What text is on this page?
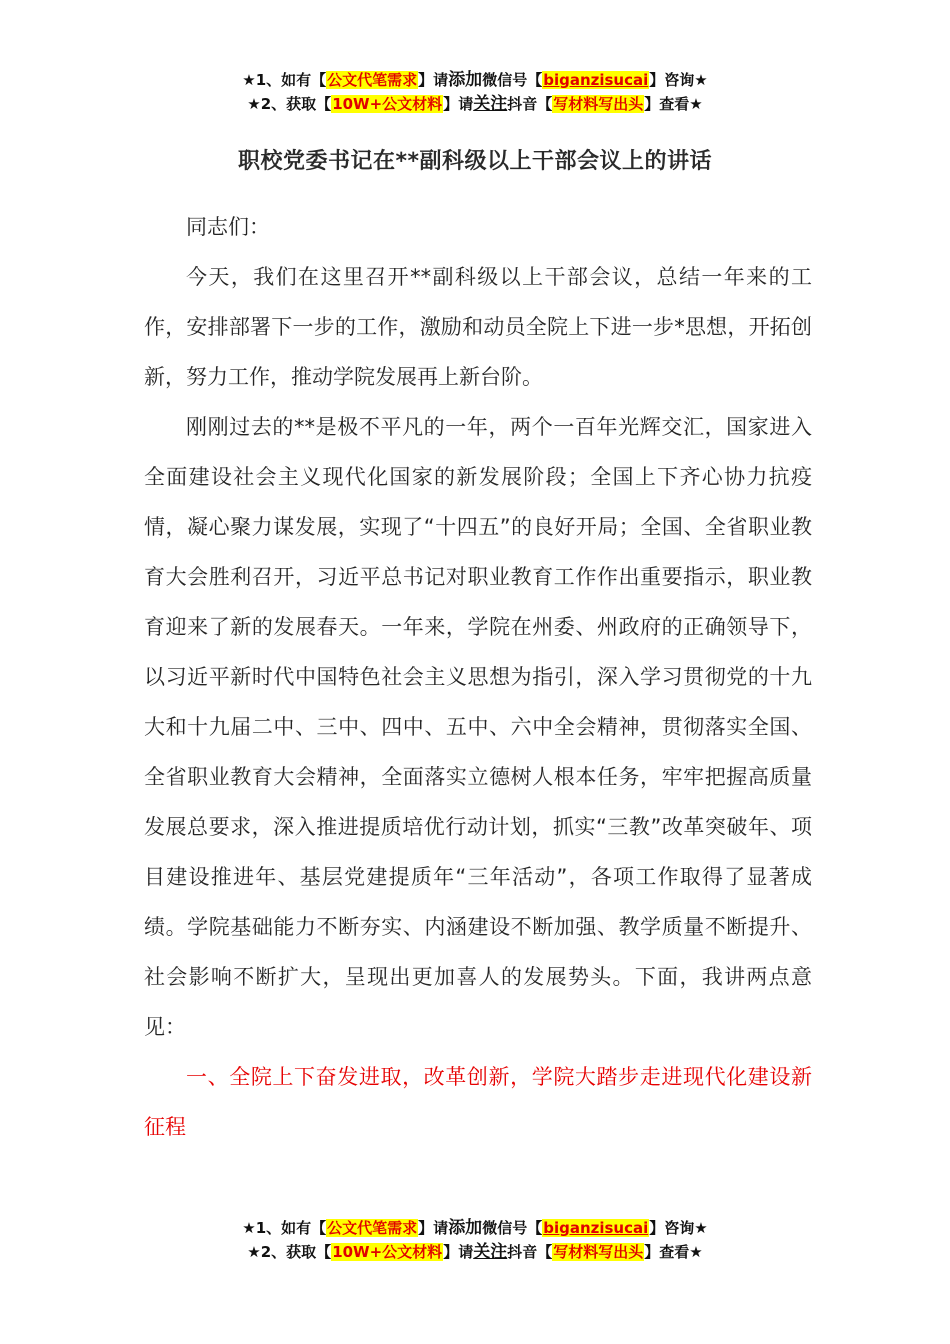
★1、如有【公文代笔需求】请添加微信号【biganzisucai】咨询★
★2、获取【10W+公文材料】请关注抖音【写材料写出头】查看★
职校党委书记在**副科级以上干部会议上的讲话

同志们：

今天，我们在这里召开**副科级以上干部会议，总结一年来的工作，安排部署下一步的工作，激励和动员全院上下进一步*思想，开拓创新，努力工作，推动学院发展再上新台阶。

刚刚过去的**是极不平凡的一年，两个一百年光辉交汇，国家进入全面建设社会主义现代化国家的新发展阶段；全国上下齐心协力抗疫情，凝心聚力谋发展，实现了“十四五”的良好开局；全国、全省职业教育大会胜利召开，习近平总书记对职业教育工作作出重要指示，职业教育迎来了新的发展春天。一年来，学院在州委、州政府的正确领导下，以习近平新时代中国特色社会主义思想为指引，深入学习贯彻党的十九大和十九届二中、三中、四中、五中、六中全会精神，贯彻落实全国、全省职业教育大会精神，全面落实立德树人根本任务，牢牢把握高质量发展总要求，深入推进提质培优行动计划，抓实“三教”改革突破年、项目建设推进年、基层党建提质年“三年活动”，各项工作取得了显著成绩。学院基础能力不断夯实、内涵建设不断加强、教学质量不断提升、社会影响不断扩大，呈现出更加喜人的发展势头。下面，我讲两点意见：

一、全院上下奋发进取，改革创新，学院大踏步走进现代化建设新征程

★1、如有【公文代笔需求】请添加微信号【biganzisucai】咨询★
★2、获取【10W+公文材料】请关注抖音【写材料写出头】查看★
